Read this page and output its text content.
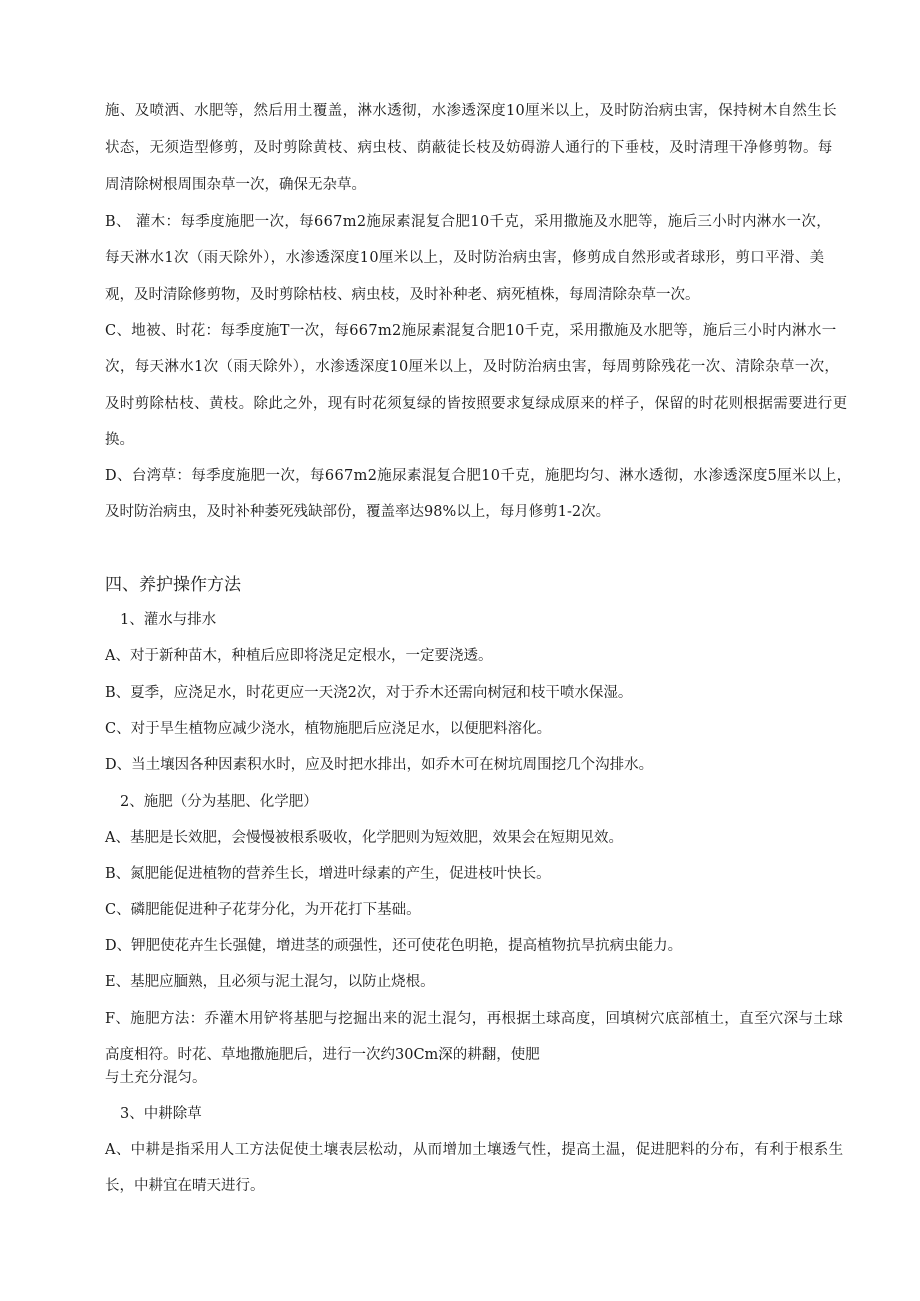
施、及喷洒、水肥等，然后用土覆盖，淋水透彻，水渗透深度10厘米以上，及时防治病虫害，保持树木自然生长
状态，无须造型修剪，及时剪除黄枝、病虫枝、荫蔽徒长枝及妨碍游人通行的下垂枝，及时清理干净修剪物。每
周清除树根周围杂草一次，确保无杂草。
B、 灌木：每季度施肥一次，每667m2施尿素混复合肥10千克，采用撒施及水肥等，施后三小时内淋水一次，
每天淋水1次（雨天除外），水渗透深度10厘米以上，及时防治病虫害，修剪成自然形或者球形，剪口平滑、美
观，及时清除修剪物，及时剪除枯枝、病虫枝，及时补种老、病死植株，每周清除杂草一次。
C、地被、时花：每季度施T一次，每667m2施尿素混复合肥10千克，采用撒施及水肥等，施后三小时内淋水一
次，每天淋水1次（雨天除外），水渗透深度10厘米以上，及时防治病虫害，每周剪除残花一次、清除杂草一次，
及时剪除枯枝、黄枝。除此之外，现有时花须复绿的皆按照要求复绿成原来的样子，保留的时花则根据需要进行更
换。
D、台湾草：每季度施肥一次，每667m2施尿素混复合肥10千克，施肥均匀、淋水透彻，水渗透深度5厘米以上，
及时防治病虫，及时补种萎死残缺部份，覆盖率达98%以上，每月修剪1-2次。
四、养护操作方法
1、灌水与排水
A、对于新种苗木，种植后应即将浇足定根水，一定要浇透。
B、夏季，应浇足水，时花更应一天浇2次，对于乔木还需向树冠和枝干喷水保湿。
C、对于旱生植物应减少浇水，植物施肥后应浇足水，以便肥料溶化。
D、当土壤因各种因素积水时，应及时把水排出，如乔木可在树坑周围挖几个沟排水。
2、施肥（分为基肥、化学肥）
A、基肥是长效肥，会慢慢被根系吸收，化学肥则为短效肥，效果会在短期见效。
B、氮肥能促进植物的营养生长，增进叶绿素的产生，促进枝叶快长。
C、磷肥能促进种子花芽分化，为开花打下基础。
D、钾肥使花卉生长强健，增进茎的顽强性，还可使花色明艳，提高植物抗旱抗病虫能力。
E、基肥应腼熟，且必须与泥土混匀，以防止烧根。
F、施肥方法：乔灌木用铲将基肥与挖掘出来的泥土混匀，再根据土球高度，回填树穴底部植土，直至穴深与土球
高度相符。时花、草地撒施肥后，进行一次约30Cm深的耕翻，使肥
与土充分混匀。
3、中耕除草
A、中耕是指采用人工方法促使土壤表层松动，从而增加土壤透气性，提高土温，促进肥料的分布，有利于根系生
长，中耕宜在晴天进行。
